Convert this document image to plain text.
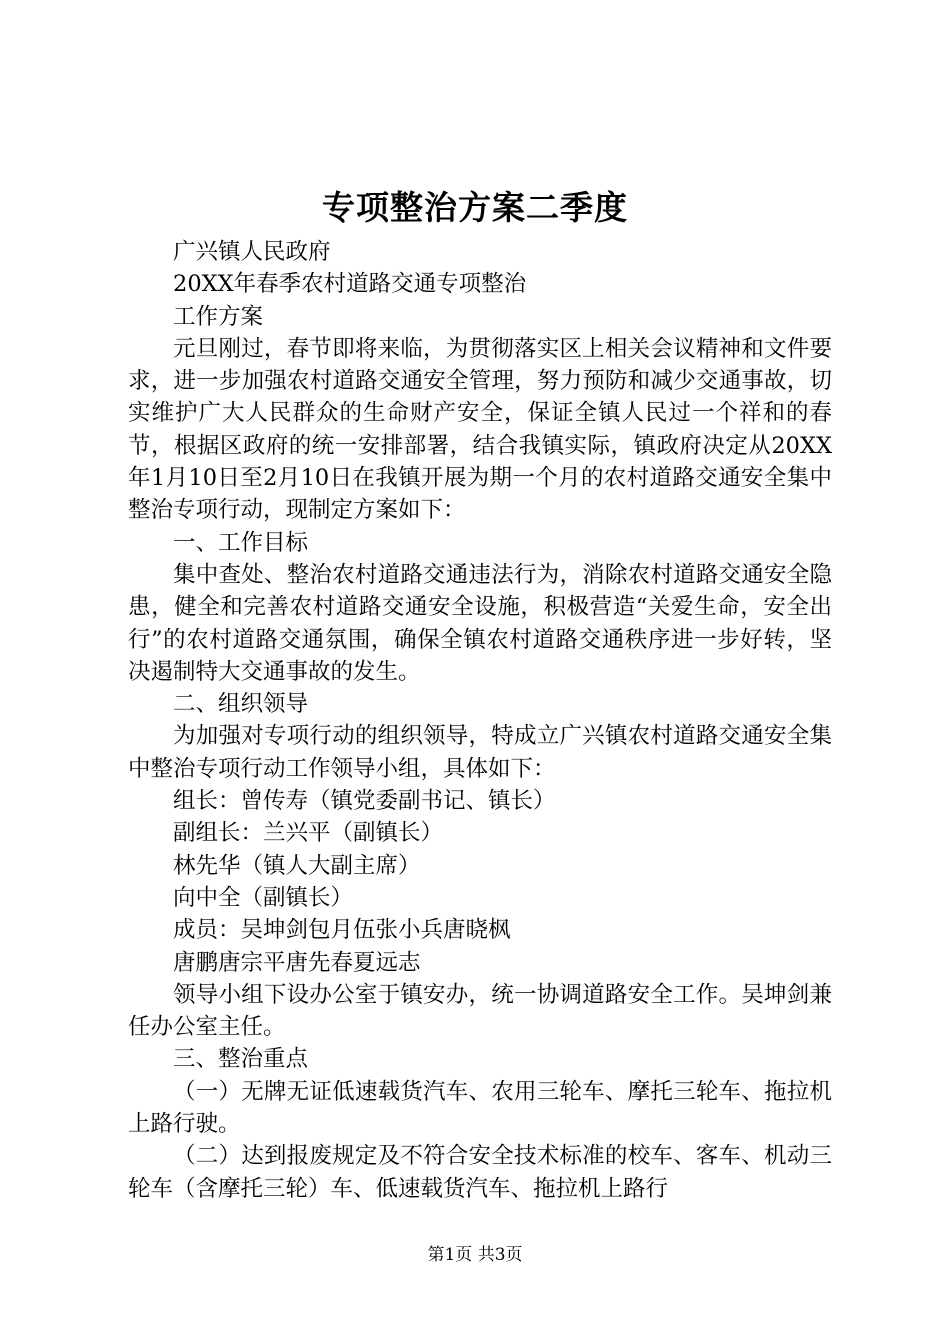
专项整治方案二季度

广兴镇人民政府

20XX年春季农村道路交通专项整治

工作方案

元旦刚过，春节即将来临，为贯彻落实区上相关会议精神和文件要求，进一步加强农村道路交通安全管理，努力预防和减少交通事故，切实维护广大人民群众的生命财产安全，保证全镇人民过一个祥和的春节，根据区政府的统一安排部署，结合我镇实际，镇政府决定从20XX年1月10日至2月10日在我镇开展为期一个月的农村道路交通安全集中整治专项行动，现制定方案如下：

一、工作目标

集中查处、整治农村道路交通违法行为，消除农村道路交通安全隐患，健全和完善农村道路交通安全设施，积极营造“关爱生命，安全出行”的农村道路交通氛围，确保全镇农村道路交通秩序进一步好转，坚决遏制特大交通事故的发生。

二、组织领导

为加强对专项行动的组织领导，特成立广兴镇农村道路交通安全集中整治专项行动工作领导小组，具体如下：

组长：曾传寿（镇党委副书记、镇长）

副组长：兰兴平（副镇长）

林先华（镇人大副主席）

向中全（副镇长）

成员：吴坤剑包月伍张小兵唐晓枫

唐鹏唐宗平唐先春夏远志

领导小组下设办公室于镇安办，统一协调道路安全工作。吴坤剑兼任办公室主任。

三、整治重点

（一）无牌无证低速载货汽车、农用三轮车、摩托三轮车、拖拉机上路行驶。

（二）达到报废规定及不符合安全技术标准的校车、客车、机动三轮车（含摩托三轮）车、低速载货汽车、拖拉机上路行

第1页 共3页
